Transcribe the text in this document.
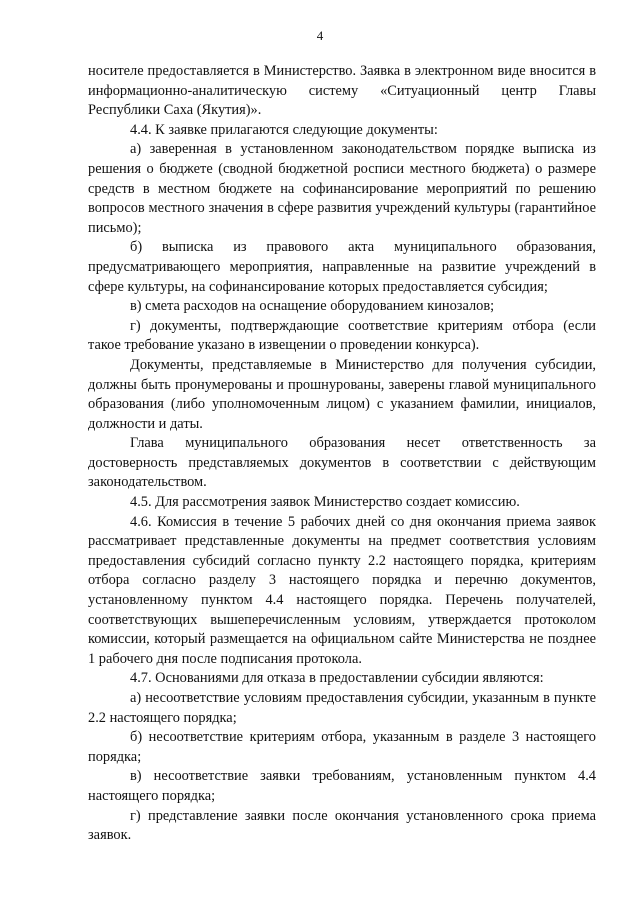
4

носителе предоставляется в Министерство. Заявка в электронном виде вносится в информационно-аналитическую систему «Ситуационный центр Главы Республики Саха (Якутия)».

4.4. К заявке прилагаются следующие документы:

а) заверенная в установленном законодательством порядке выписка из решения о бюджете (сводной бюджетной росписи местного бюджета) о размере средств в местном бюджете на софинансирование мероприятий по решению вопросов местного значения в сфере развития учреждений культуры (гарантийное письмо);

б) выписка из правового акта муниципального образования, предусматривающего мероприятия, направленные на развитие учреждений в сфере культуры, на софинансирование которых предоставляется субсидия;

в) смета расходов на оснащение оборудованием кинозалов;

г) документы, подтверждающие соответствие критериям отбора (если такое требование указано в извещении о проведении конкурса).

Документы, представляемые в Министерство для получения субсидии, должны быть пронумерованы и прошнурованы, заверены главой муниципального образования (либо уполномоченным лицом) с указанием фамилии, инициалов, должности и даты.

Глава муниципального образования несет ответственность за достоверность представляемых документов в соответствии с действующим законодательством.

4.5. Для рассмотрения заявок Министерство создает комиссию.

4.6. Комиссия в течение 5 рабочих дней со дня окончания приема заявок рассматривает представленные документы на предмет соответствия условиям предоставления субсидий согласно пункту 2.2 настоящего порядка, критериям отбора согласно разделу 3 настоящего порядка и перечню документов, установленному пунктом 4.4 настоящего порядка. Перечень получателей, соответствующих вышеперечисленным условиям, утверждается протоколом комиссии, который размещается на официальном сайте Министерства не позднее 1 рабочего дня после подписания протокола.

4.7. Основаниями для отказа в предоставлении субсидии являются:

а) несоответствие условиям предоставления субсидии, указанным в пункте 2.2 настоящего порядка;

б) несоответствие критериям отбора, указанным в разделе 3 настоящего порядка;

в) несоответствие заявки требованиям, установленным пунктом 4.4 настоящего порядка;

г) представление заявки после окончания установленного срока приема заявок.
